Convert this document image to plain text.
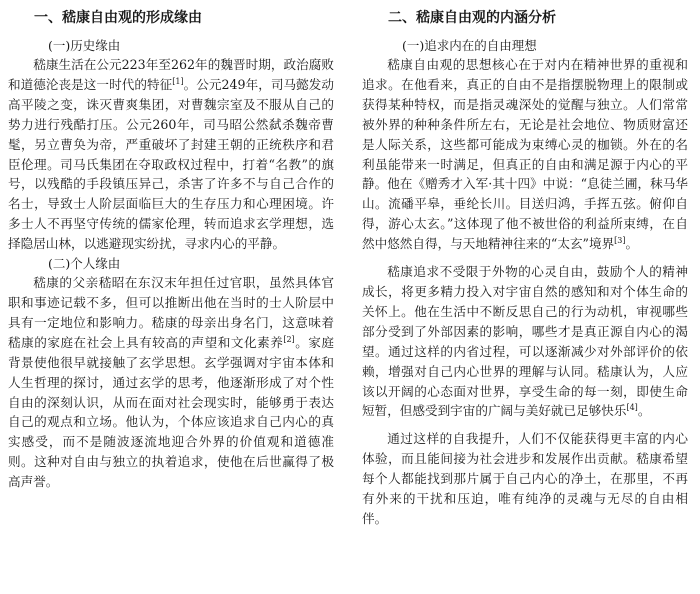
一、嵇康自由观的形成缘由
(一)历史缘由

嵇康生活在公元223年至262年的魏晋时期，政治腐败和道德沦丧是这一时代的特征[1]。公元249年，司马懿发动高平陵之变，诛灭曹爽集团，对曹魏宗室及不服从自己的势力进行残酷打压。公元260年，司马昭公然弑杀魏帝曹髦，另立曹奂为帝，严重破坏了封建王朝的正统秩序和君臣伦理。司马氏集团在夺取政权过程中，打着“名教”的旗号，以残酷的手段镇压异己，杀害了许多不与自己合作的名士，导致士人阶层面临巨大的生存压力和心理困境。许多士人不再坚守传统的儒家伦理，转而追求玄学理想，选择隐居山林，以逃避现实纷扰，寻求内心的平静。

(二)个人缘由

嵇康的父亲嵇昭在东汉末年担任过官职，虽然具体官职和事迹记载不多，但可以推断出他在当时的士人阶层中具有一定地位和影响力。嵇康的母亲出身名门，这意味着嵇康的家庭在社会上具有较高的声望和文化素养[2]。家庭背景使他很早就接触了玄学思想。玄学强调对宇宙本体和人生哲理的探讨，通过玄学的思考，他逐渐形成了对个性自由的深刻认识，从而在面对社会现实时，能够勇于表达自己的观点和立场。他认为，个体应该追求自己内心的真实感受，而不是随波逐流地迎合外界的价值观和道德准则。这种对自由与独立的执着追求，使他在后世赢得了极高声誉。

二、嵇康自由观的内涵分析
(一)追求内在的自由理想

嵇康自由观的思想核心在于对内在精神世界的重视和追求。在他看来，真正的自由不是指摆脱物理上的限制或获得某种特权，而是指灵魂深处的觉醒与独立。人们常常被外界的种种条件所左右，无论是社会地位、物质财富还是人际关系，这些都可能成为束缚心灵的枷锁。外在的名利虽能带来一时满足，但真正的自由和满足源于内心的平静。他在《赠秀才入军·其十四》中说：“息徒兰圃，秣马华山。流磻平皋，垂纶长川。目送归鸿，手挥五弦。俯仰自得，游心太玄。”这体现了他不被世俗的利益所束缚，在自然中悠然自得，与天地精神往来的“太玄”境界[3]。

嵇康追求不受限于外物的心灵自由，鼓励个人的精神成长，将更多精力投入对宇宙自然的感知和对个体生命的关怀上。他在生活中不断反思自己的行为动机，审视哪些部分受到了外部因素的影响，哪些才是真正源自内心的渴望。通过这样的内省过程，可以逐渐减少对外部评价的依赖，增强对自己内心世界的理解与认同。嵇康认为，人应该以开阔的心态面对世界，享受生命的每一刻，即使生命短暂，但感受到宇宙的广阔与美好就已足够快乐[4]。

通过这样的自我提升，人们不仅能获得更丰富的内心体验，而且能间接为社会进步和发展作出贡献。嵇康希望每个人都能找到那片属于自己内心的净土，在那里，不再有外来的干扰和压迫，唯有纯净的灵魂与无尽的自由相伴。
